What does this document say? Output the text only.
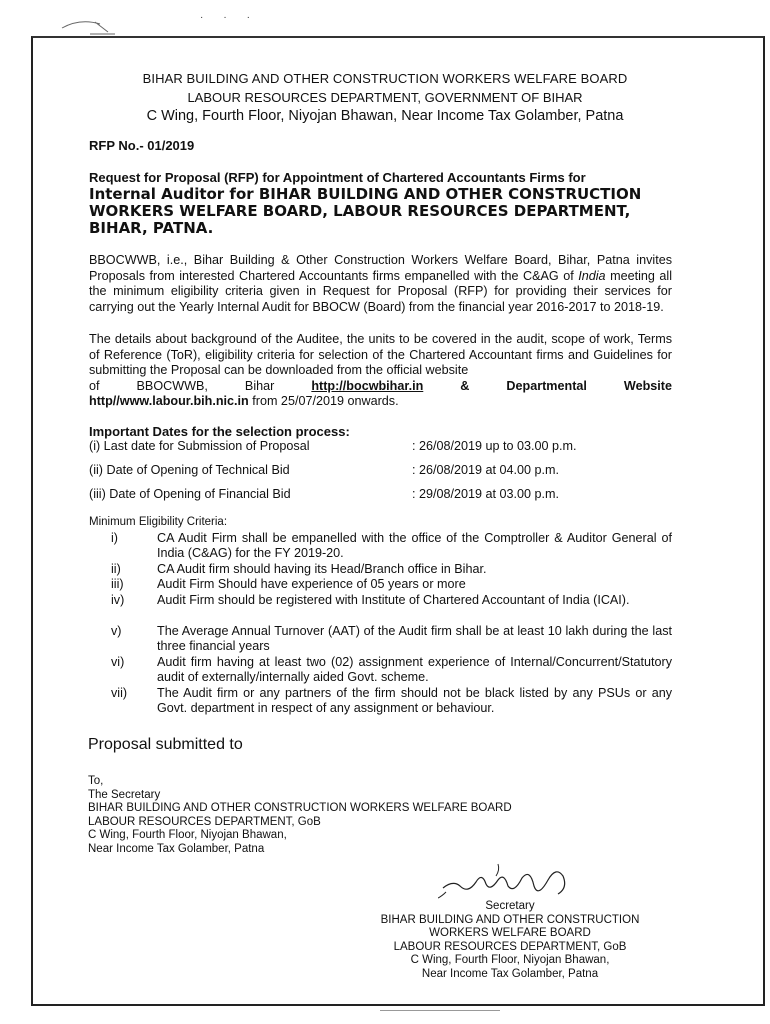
···
BIHAR BUILDING AND OTHER CONSTRUCTION WORKERS WELFARE BOARD
LABOUR RESOURCES DEPARTMENT, GOVERNMENT OF BIHAR
C Wing, Fourth Floor, Niyojan Bhawan, Near Income Tax Golamber, Patna
RFP No.- 01/2019
Request for Proposal (RFP) for Appointment of Chartered Accountants Firms for
Internal Auditor for BIHAR BUILDING AND OTHER CONSTRUCTION WORKERS WELFARE BOARD, LABOUR RESOURCES DEPARTMENT, BIHAR, PATNA.
BBOCWWB, i.e., Bihar Building & Other Construction Workers Welfare Board, Bihar, Patna invites Proposals from interested Chartered Accountants firms empanelled with the C&AG of India meeting all the minimum eligibility criteria given in Request for Proposal (RFP) for providing their services for carrying out the Yearly Internal Audit for BBOCW (Board) from the financial year 2016-2017 to 2018-19.
The details about background of the Auditee, the units to be covered in the audit, scope of work, Terms of Reference (ToR), eligibility criteria for selection of the Chartered Accountant firms and Guidelines for submitting the Proposal can be downloaded from the official website
of	BBOCWWB,	Bihar	http://bocwbihar.in	&	Departmental	Website
http//www.labour.bih.nic.in from 25/07/2019 onwards.
Important Dates for the selection process:
(i) Last date for Submission of Proposal	: 26/08/2019 up to 03.00 p.m.
(ii) Date of Opening of Technical Bid	: 26/08/2019 at 04.00 p.m.
(iii) Date of Opening of Financial Bid	: 29/08/2019 at 03.00 p.m.
Minimum Eligibility Criteria:
i)	CA Audit Firm shall be empanelled with the office of the Comptroller & Auditor General of India (C&AG) for the FY 2019-20.
ii)	CA Audit firm should having its Head/Branch office in Bihar.
iii)	Audit Firm Should have experience of 05 years or more
iv)	Audit Firm should be registered with Institute of Chartered Accountant of India (ICAI).
v)	The Average Annual Turnover (AAT) of the Audit firm shall be at least 10 lakh during the last three financial years
vi)	Audit firm having at least two (02) assignment experience of Internal/Concurrent/Statutory audit of externally/internally aided Govt. scheme.
vii)	The Audit firm or any partners of the firm should not be black listed by any PSUs or any Govt. department in respect of any assignment or behaviour.
Proposal submitted to
To,
The Secretary
BIHAR BUILDING AND OTHER CONSTRUCTION WORKERS WELFARE BOARD
LABOUR RESOURCES DEPARTMENT, GoB
C Wing, Fourth Floor, Niyojan Bhawan,
Near Income Tax Golamber, Patna
Secretary
BIHAR BUILDING AND OTHER CONSTRUCTION
WORKERS WELFARE BOARD
LABOUR RESOURCES DEPARTMENT, GoB
C Wing, Fourth Floor, Niyojan Bhawan,
Near Income Tax Golamber, Patna
